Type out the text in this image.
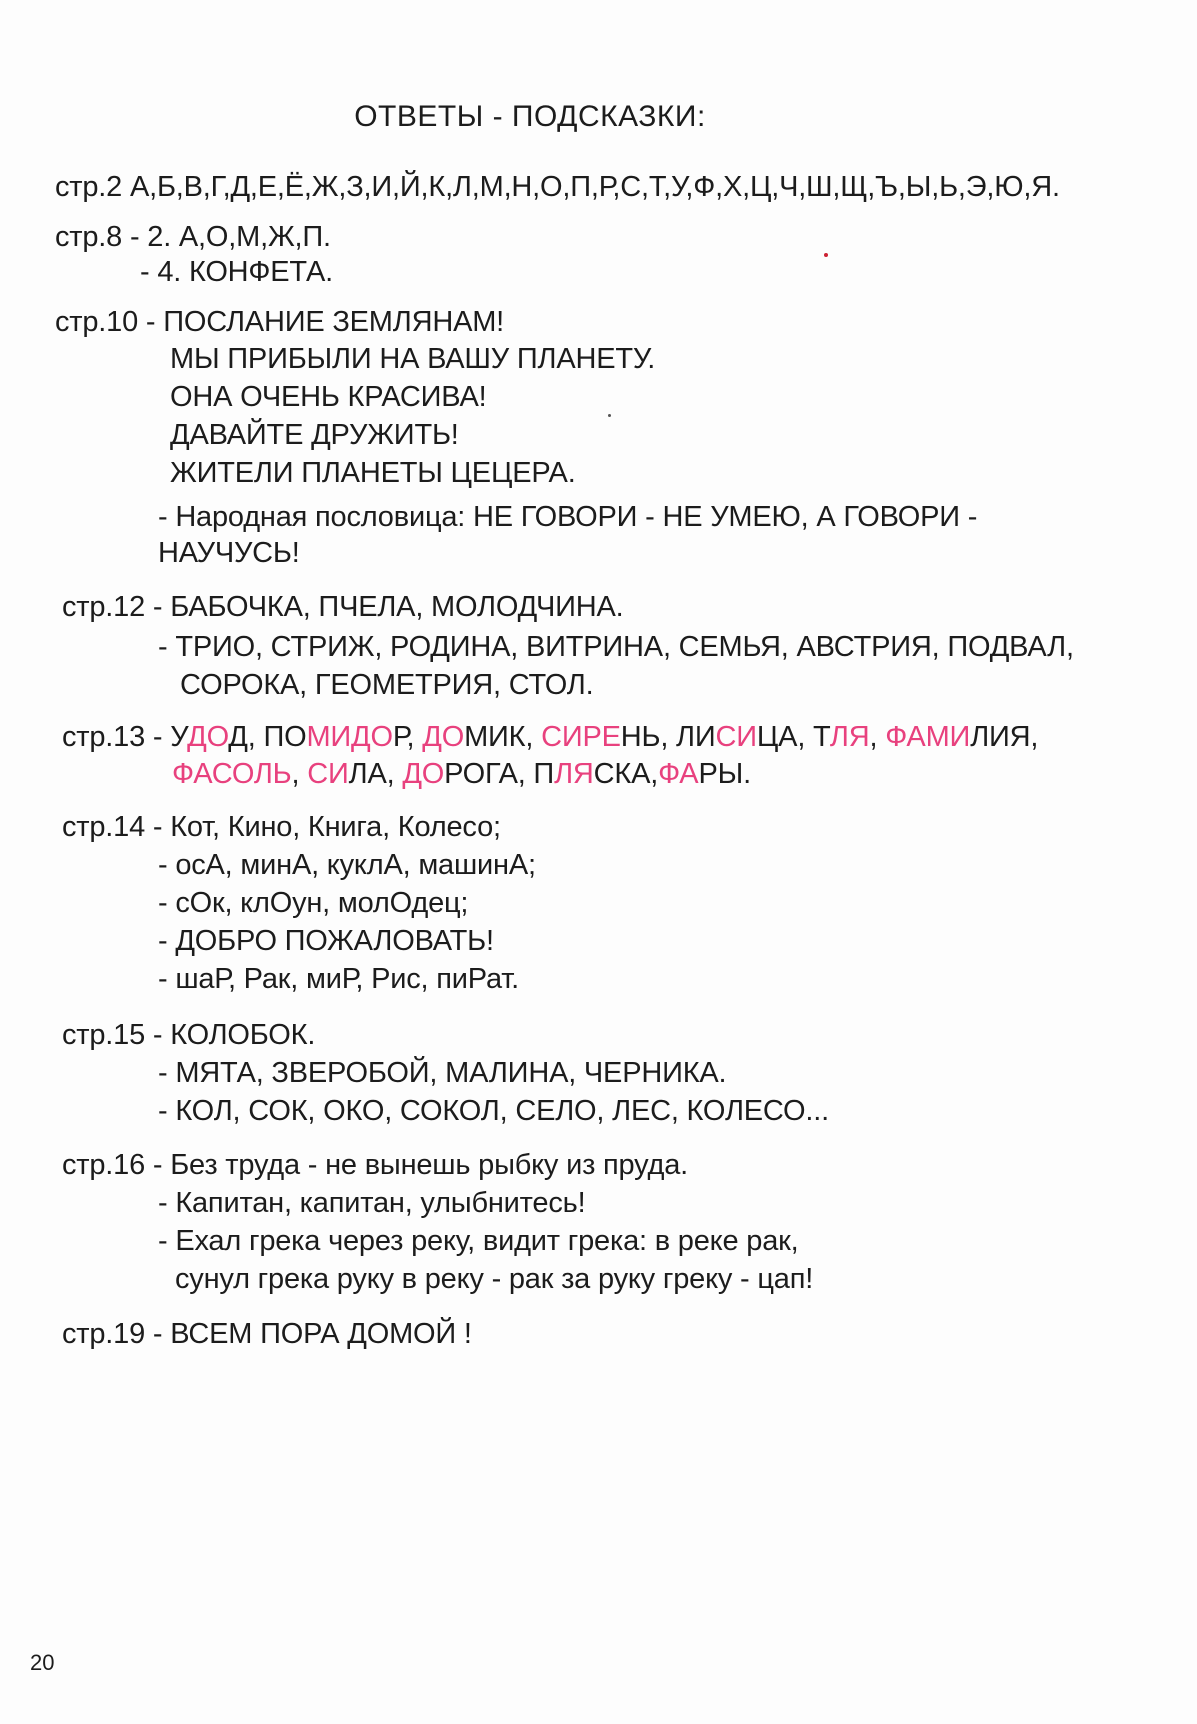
ОТВЕТЫ - ПОДСКАЗКИ:
стр.2 А,Б,В,Г,Д,Е,Ё,Ж,З,И,Й,К,Л,М,Н,О,П,Р,С,Т,У,Ф,Х,Ц,Ч,Ш,Щ,Ъ,Ы,Ь,Э,Ю,Я.
стр.8 - 2. А,О,М,Ж,П.
- 4. КОНФЕТА.
стр.10 - ПОСЛАНИЕ ЗЕМЛЯНАМ!
МЫ ПРИБЫЛИ НА ВАШУ ПЛАНЕТУ.
ОНА ОЧЕНЬ КРАСИВА!
ДАВАЙТЕ ДРУЖИТЬ!
ЖИТЕЛИ ПЛАНЕТЫ ЦЕЦЕРА.
- Народная пословица: НЕ ГОВОРИ - НЕ УМЕЮ, А ГОВОРИ -
НАУЧУСЬ!
стр.12 - БАБОЧКА, ПЧЕЛА, МОЛОДЧИНА.
- ТРИО, СТРИЖ, РОДИНА, ВИТРИНА, СЕМЬЯ, АВСТРИЯ, ПОДВАЛ,
СОРОКА, ГЕОМЕТРИЯ, СТОЛ.
стр.13 - УДОД, ПОМИДОР, ДОМИК, СИРЕНЬ, ЛИСИЦА, ТЛЯ, ФАМИЛИЯ,
ФАСОЛЬ, СИЛА, ДОРОГА, ПЛЯСКА,ФАРЫ.
стр.14 - Кот, Кино, Книга, Колесо;
- осА, минА, куклА, машинА;
- сОк, клОун, молОдец;
- ДОБРО ПОЖАЛОВАТЬ!
- шаР, Рак, миР, Рис, пиРат.
стр.15 - КОЛОБОК.
- МЯТА, ЗВЕРОБОЙ, МАЛИНА, ЧЕРНИКА.
- КОЛ, СОК, ОКО, СОКОЛ, СЕЛО, ЛЕС, КОЛЕСО...
стр.16 - Без труда - не вынешь рыбку из пруда.
- Капитан, капитан, улыбнитесь!
- Ехал грека через реку, видит грека: в реке рак,
сунул грека руку в реку - рак за руку греку - цап!
стр.19 - ВСЕМ ПОРА ДОМОЙ !
20
